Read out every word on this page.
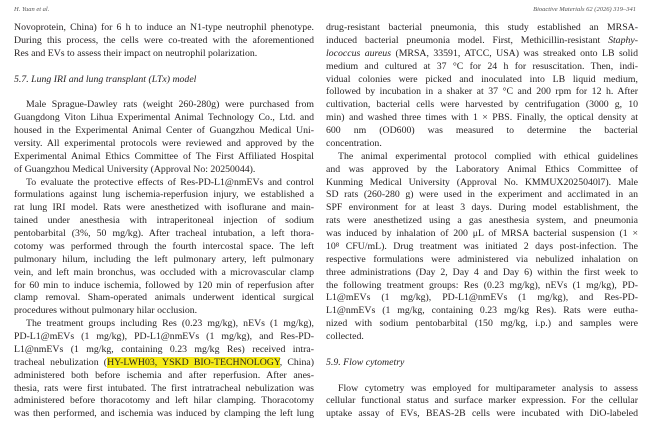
H. Yuan et al.	Bioactive Materials 62 (2026) 319–341
Novoprotein, China) for 6 h to induce an N1-type neutrophil phenotype.
During this process, the cells were co-treated with the aforementioned
Res and EVs to assess their impact on neutrophil polarization.
5.7. Lung IRI and lung transplant (LTx) model
Male Sprague-Dawley rats (weight 260-280g) were purchased from
Guangdong Viton Lihua Experimental Animal Technology Co., Ltd. and
housed in the Experimental Animal Center of Guangzhou Medical Uni-
versity. All experimental protocols were reviewed and approved by the
Experimental Animal Ethics Committee of The First Affiliated Hospital
of Guangzhou Medical University (Approval No: 20250044).
To evaluate the protective effects of Res-PD-L1@nmEVs and control
formulations against lung ischemia-reperfusion injury, we established a
rat lung IRI model. Rats were anesthetized with isoflurane and main-
tained under anesthesia with intraperitoneal injection of sodium
pentobarbital (3%, 50 mg/kg). After tracheal intubation, a left thora-
cotomy was performed through the fourth intercostal space. The left
pulmonary hilum, including the left pulmonary artery, left pulmonary
vein, and left main bronchus, was occluded with a microvascular clamp
for 60 min to induce ischemia, followed by 120 min of reperfusion after
clamp removal. Sham-operated animals underwent identical surgical
procedures without pulmonary hilar occlusion.
The treatment groups including Res (0.23 mg/kg), nEVs (1 mg/kg),
PD-L1@mEVs (1 mg/kg), PD-L1@nmEVs (1 mg/kg), and Res-PD-
L1@nmEVs (1 mg/kg, containing 0.23 mg/kg Res) received intra-
tracheal nebulization (HY-LWH03, YSKD BIO-TECHNOLOGY, China)
administered both before ischemia and after reperfusion. After anes-
thesia, rats were first intubated. The first intratracheal nebulization was
administered before thoracotomy and left hilar clamping. Thoracotomy
was then performed, and ischemia was induced by clamping the left lung
drug-resistant bacterial pneumonia, this study established an MRSA-
induced bacterial pneumonia model. First, Methicillin-resistant Staphy-
lococcus aureus (MRSA, 33591, ATCC, USA) was streaked onto LB solid
medium and cultured at 37 °C for 24 h for resuscitation. Then, indi-
vidual colonies were picked and inoculated into LB liquid medium,
followed by incubation in a shaker at 37 °C and 200 rpm for 12 h. After
cultivation, bacterial cells were harvested by centrifugation (3000 g, 10
min) and washed three times with 1 × PBS. Finally, the optical density at
600 nm (OD600) was measured to determine the bacterial
concentration.
The animal experimental protocol complied with ethical guidelines
and was approved by the Laboratory Animal Ethics Committee of
Kunming Medical University (Approval No. KMMUX2025040l7). Male
SD rats (260-280 g) were used in the experiment and acclimated in an
SPF environment for at least 3 days. During model establishment, the
rats were anesthetized using a gas anesthesia system, and pneumonia
was induced by inhalation of 200 μL of MRSA bacterial suspension (1 ×
10⁸ CFU/mL). Drug treatment was initiated 2 days post-infection. The
respective formulations were administered via nebulized inhalation on
three administrations (Day 2, Day 4 and Day 6) within the first week to
the following treatment groups: Res (0.23 mg/kg), nEVs (1 mg/kg), PD-
L1@mEVs (1 mg/kg), PD-L1@nmEVs (1 mg/kg), and Res-PD-
L1@nmEVs (1 mg/kg, containing 0.23 mg/kg Res). Rats were eutha-
nized with sodium pentobarbital (150 mg/kg, i.p.) and samples were
collected.
5.9. Flow cytometry
Flow cytometry was employed for multiparameter analysis to assess
cellular functional status and surface marker expression. For the cellular
uptake assay of EVs, BEAS-2B cells were incubated with DiO-labeled
